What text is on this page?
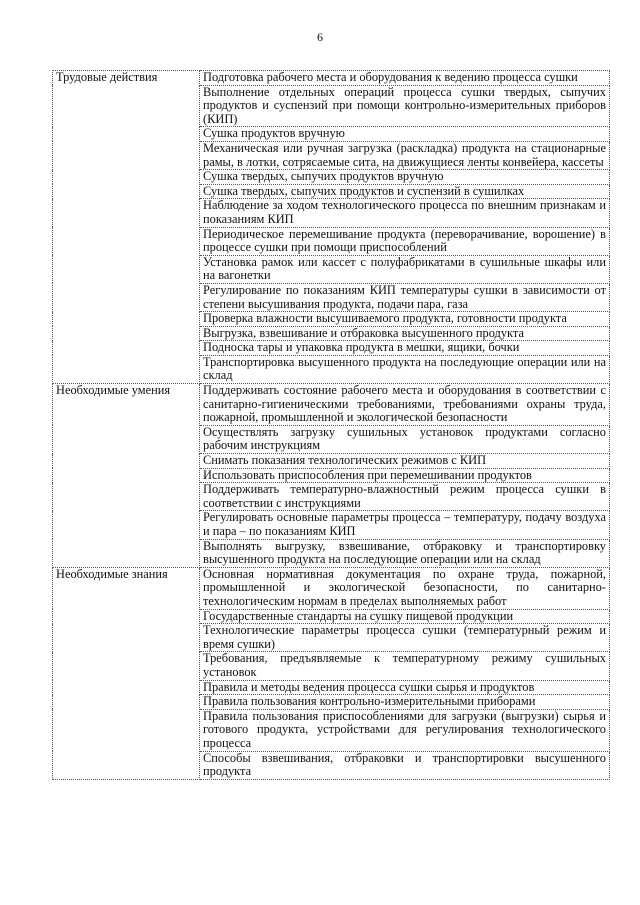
6
Трудовые действия	Подготовка рабочего места и оборудования к ведению процесса сушки
	Выполнение отдельных операций процесса сушки твердых, сыпучих продуктов и суспензий при помощи контрольно-измерительных приборов (КИП)
	Сушка продуктов вручную
	Механическая или ручная загрузка (раскладка) продукта на стационарные рамы, в лотки, сотрясаемые сита, на движущиеся ленты конвейера, кассеты
	Сушка твердых, сыпучих продуктов вручную
	Сушка твердых, сыпучих продуктов и суспензий в сушилках
	Наблюдение за ходом технологического процесса по внешним признакам и показаниям КИП
	Периодическое перемешивание продукта (переворачивание, ворошение) в процессе сушки при помощи приспособлений
	Установка рамок или кассет с полуфабрикатами в сушильные шкафы или на вагонетки
	Регулирование по показаниям КИП температуры сушки в зависимости от степени высушивания продукта, подачи пара, газа
	Проверка влажности высушиваемого продукта, готовности продукта
	Выгрузка, взвешивание и отбраковка высушенного продукта
	Подноска тары и упаковка продукта в мешки, ящики, бочки
	Транспортировка высушенного продукта на последующие операции или на склад
Необходимые умения	Поддерживать состояние рабочего места и оборудования в соответствии с санитарно-гигиеническими требованиями, требованиями охраны труда, пожарной, промышленной и экологической безопасности
	Осуществлять загрузку сушильных установок продуктами согласно рабочим инструкциям
	Снимать показания технологических режимов с КИП
	Использовать приспособления при перемешивании продуктов
	Поддерживать температурно-влажностный режим процесса сушки в соответствии с инструкциями
	Регулировать основные параметры процесса – температуру, подачу воздуха и пара – по показаниям КИП
	Выполнять выгрузку, взвешивание, отбраковку и транспортировку высушенного продукта на последующие операции или на склад
Необходимые знания	Основная нормативная документация по охране труда, пожарной, промышленной и экологической безопасности, по санитарно-технологическим нормам в пределах выполняемых работ
	Государственные стандарты на сушку пищевой продукции
	Технологические параметры процесса сушки (температурный режим и время сушки)
	Требования, предъявляемые к температурному режиму сушильных установок
	Правила и методы ведения процесса сушки сырья и продуктов
	Правила пользования контрольно-измерительными приборами
	Правила пользования приспособлениями для загрузки (выгрузки) сырья и готового продукта, устройствами для регулирования технологического процесса
	Способы взвешивания, отбраковки и транспортировки высушенного продукта
